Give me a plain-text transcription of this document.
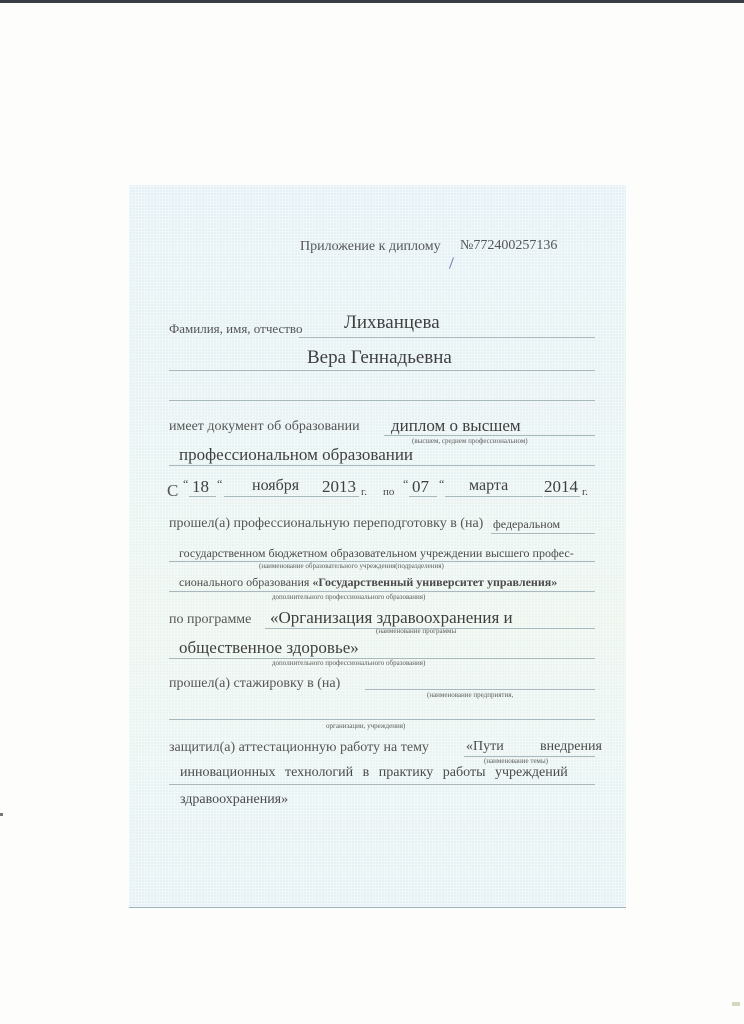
Приложение к диплому №772400257136
Фамилия, имя, отчество Лихванцева
Вера Геннадьевна
имеет документ об образовании диплом о высшем
(высшем, среднем профессиональном)
профессиональном образовании
С “ 18 “ ноября 2013 г. по
“ 07 “ марта 2014 г.
прошел(а) профессиональную переподготовку в (на) федеральном
государственном бюджетном образовательном учреждении высшего профес-
(наименование образовательного учреждения(подразделения)
сионального образования «Государственный университет управления»
дополнительного профессионального образования)
по программе «Организация здравоохранения и
(наименование программы
общественное здоровье»
дополнительного профессионального образования)
прошел(а) стажировку в (на)
(наименование предприятия,
организации, учреждения)
защитил(а) аттестационную работу на тему	«Пути	внедрения
(наименование темы)
инновационных технологий в практику работы учреждений
здравоохранения»
